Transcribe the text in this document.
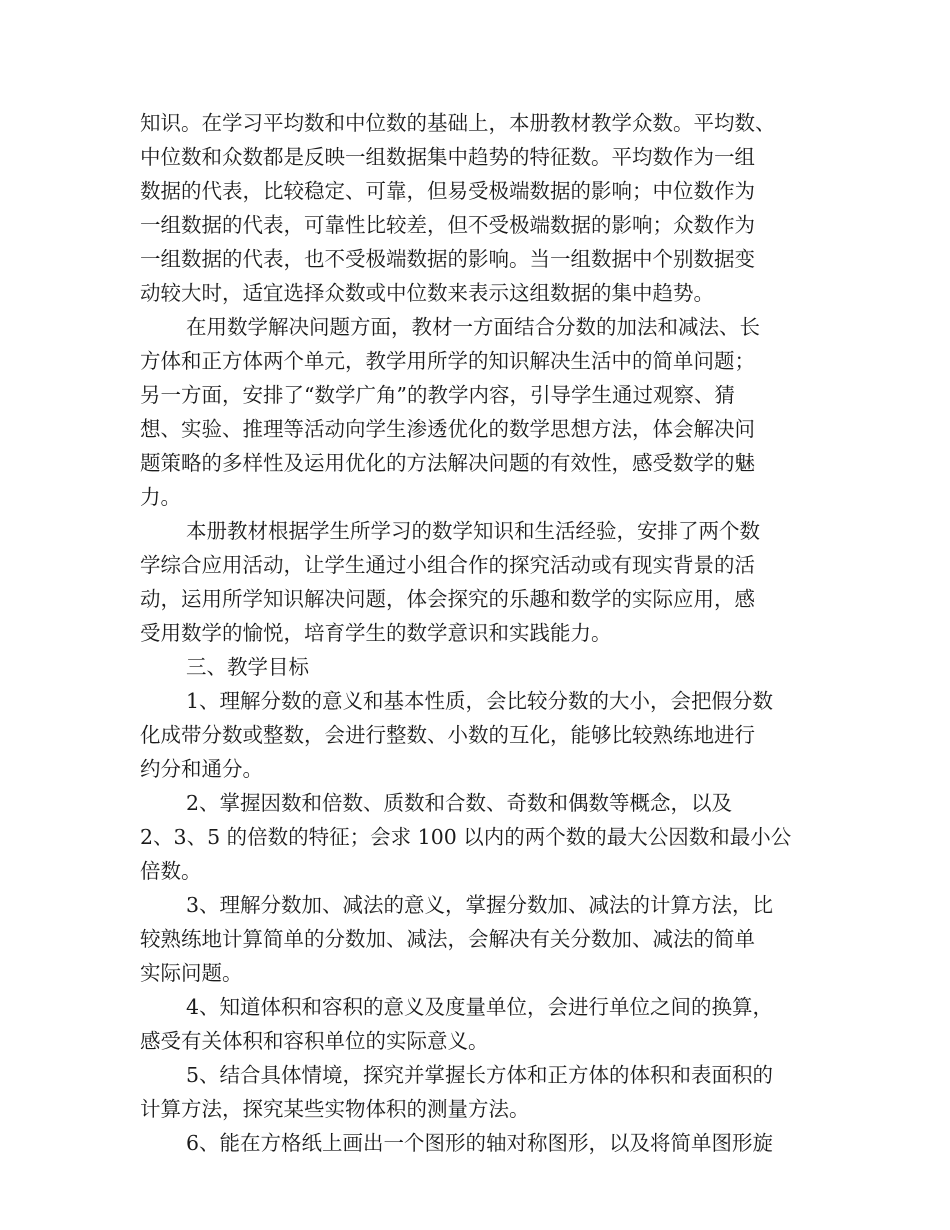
知识。在学习平均数和中位数的基础上，本册教材教学众数。平均数、
中位数和众数都是反映一组数据集中趋势的特征数。平均数作为一组
数据的代表，比较稳定、可靠，但易受极端数据的影响；中位数作为
一组数据的代表，可靠性比较差，但不受极端数据的影响；众数作为
一组数据的代表，也不受极端数据的影响。当一组数据中个别数据变
动较大时，适宜选择众数或中位数来表示这组数据的集中趋势。
在用数学解决问题方面，教材一方面结合分数的加法和减法、长
方体和正方体两个单元，教学用所学的知识解决生活中的简单问题；
另一方面，安排了“数学广角”的教学内容，引导学生通过观察、猜
想、实验、推理等活动向学生渗透优化的数学思想方法，体会解决问
题策略的多样性及运用优化的方法解决问题的有效性，感受数学的魅
力。
本册教材根据学生所学习的数学知识和生活经验，安排了两个数
学综合应用活动，让学生通过小组合作的探究活动或有现实背景的活
动，运用所学知识解决问题，体会探究的乐趣和数学的实际应用，感
受用数学的愉悦，培育学生的数学意识和实践能力。
三、教学目标
1、理解分数的意义和基本性质，会比较分数的大小，会把假分数
化成带分数或整数，会进行整数、小数的互化，能够比较熟练地进行
约分和通分。
2、掌握因数和倍数、质数和合数、奇数和偶数等概念，以及
2、3、5 的倍数的特征；会求 100 以内的两个数的最大公因数和最小公
倍数。
3、理解分数加、减法的意义，掌握分数加、减法的计算方法，比
较熟练地计算简单的分数加、减法，会解决有关分数加、减法的简单
实际问题。
4、知道体积和容积的意义及度量单位，会进行单位之间的换算，
感受有关体积和容积单位的实际意义。
5、结合具体情境，探究并掌握长方体和正方体的体积和表面积的
计算方法，探究某些实物体积的测量方法。
6、能在方格纸上画出一个图形的轴对称图形，以及将简单图形旋
